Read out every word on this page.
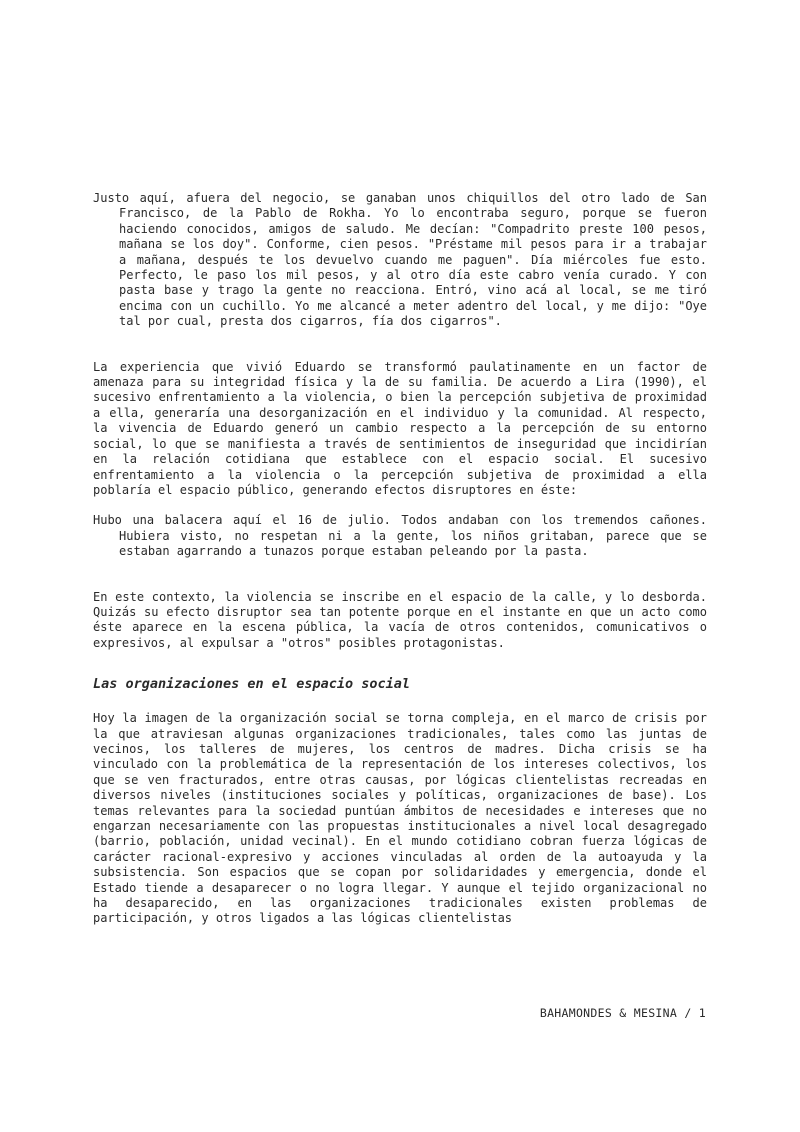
Justo aquí, afuera del negocio, se ganaban unos chiquillos del otro lado de San Francisco, de la Pablo de Rokha. Yo lo encontraba seguro, porque se fueron haciendo conocidos, amigos de saludo. Me decían: "Compadrito preste 100 pesos, mañana se los doy". Conforme, cien pesos. "Préstame mil pesos para ir a trabajar a mañana, después te los devuelvo cuando me paguen". Día miércoles fue esto. Perfecto, le paso los mil pesos, y al otro día este cabro venía curado. Y con pasta base y trago la gente no reacciona. Entró, vino acá al local, se me tiró encima con un cuchillo. Yo me alcancé a meter adentro del local, y me dijo: "Oye tal por cual, presta dos cigarros, fía dos cigarros".

La experiencia que vivió Eduardo se transformó paulatinamente en un factor de amenaza para su integridad física y la de su familia. De acuerdo a Lira (1990), el sucesivo enfrentamiento a la violencia, o bien la percepción subjetiva de proximidad a ella, generaría una desorganización en el individuo y la comunidad. Al respecto, la vivencia de Eduardo generó un cambio respecto a la percepción de su entorno social, lo que se manifiesta a través de sentimientos de inseguridad que incidirían en la relación cotidiana que establece con el espacio social. El sucesivo enfrentamiento a la violencia o la percepción subjetiva de proximidad a ella poblaría el espacio público, generando efectos disruptores en éste:

Hubo una balacera aquí el 16 de julio. Todos andaban con los tremendos cañones. Hubiera visto, no respetan ni a la gente, los niños gritaban, parece que se estaban agarrando a tunazos porque estaban peleando por la pasta.

En este contexto, la violencia se inscribe en el espacio de la calle, y lo desborda. Quizás su efecto disruptor sea tan potente porque en el instante en que un acto como éste aparece en la escena pública, la vacía de otros contenidos, comunicativos o expresivos, al expulsar a "otros" posibles protagonistas.

Las organizaciones en el espacio social

Hoy la imagen de la organización social se torna compleja, en el marco de crisis por la que atraviesan algunas organizaciones tradicionales, tales como las juntas de vecinos, los talleres de mujeres, los centros de madres. Dicha crisis se ha vinculado con la problemática de la representación de los intereses colectivos, los que se ven fracturados, entre otras causas, por lógicas clientelistas recreadas en diversos niveles (instituciones sociales y políticas, organizaciones de base). Los temas relevantes para la sociedad puntúan ámbitos de necesidades e intereses que no engarzan necesariamente con las propuestas institucionales a nivel local desagregado (barrio, población, unidad vecinal). En el mundo cotidiano cobran fuerza lógicas de carácter racional-expresivo y acciones vinculadas al orden de la autoayuda y la subsistencia. Son espacios que se copan por solidaridades y emergencia, donde el Estado tiende a desaparecer o no logra llegar. Y aunque el tejido organizacional no ha desaparecido, en las organizaciones tradicionales existen problemas de participación, y otros ligados a las lógicas clientelistas

BAHAMONDES & MESINA / 1
